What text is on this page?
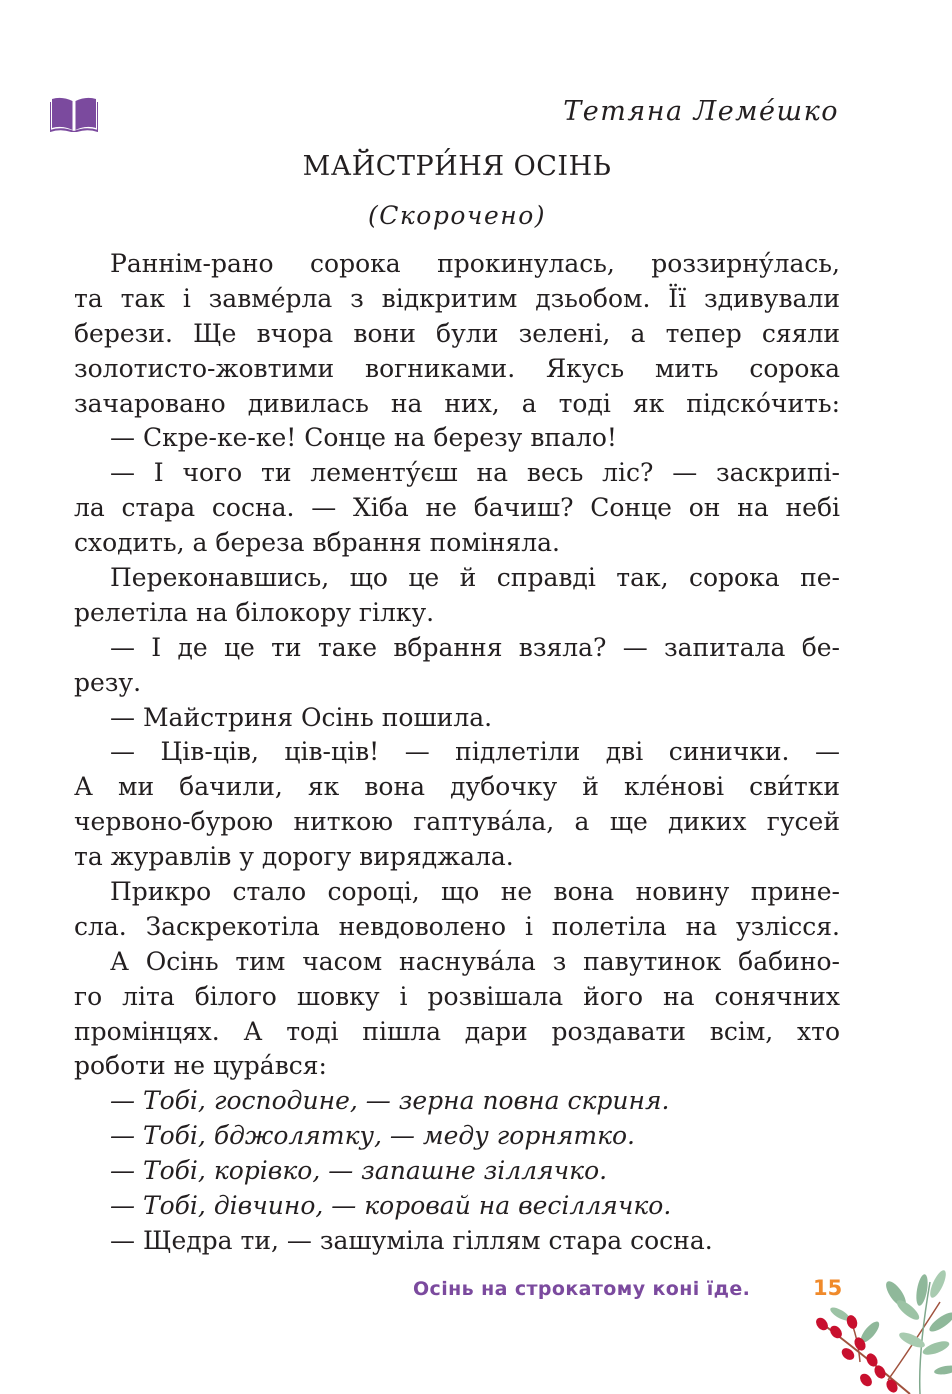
Тетяна Леме́шко
МАЙСТРИ́НЯ ОСІНЬ
(Скорочено)
Раннім-рано сорока прокинулась, роззирну́лась,
та так і завме́рла з відкритим дзьобом. Її здивували
берези. Ще вчора вони були зелені, а тепер сяяли
золотисто-жовтими вогниками. Якусь мить сорока
зачаровано дивилась на них, а тоді як підско́чить:
— Скре-ке-ке! Сонце на березу впало!
— І чого ти лементу́єш на весь ліс? — заскрипі-
ла стара сосна. — Хіба не бачиш? Сонце он на небі
сходить, а береза вбрання поміняла.
Переконавшись, що це й справді так, сорока пе-
релетіла на білокору гілку.
— І де це ти таке вбрання взяла? — запитала бе-
резу.
— Майстриня Осінь пошила.
— Ців-ців, ців-ців! — підлетіли дві синички. —
А ми бачили, як вона дубочку й кле́нові сви́тки
червоно-бурою ниткою гаптува́ла, а ще диких гусей
та журавлів у дорогу виряджала.
Прикро стало сороці, що не вона новину прине-
сла. Заскрекотіла невдоволено і полетіла на узлісся.
А Осінь тим часом наснува́ла з павутинок бабино-
го літа білого шовку і розвішала його на сонячних
промінцях. А тоді пішла дари роздавати всім, хто
роботи не цура́вся:
— Тобі, господине, — зерна повна скриня.
— Тобі, бджолятку, — меду горнятко.
— Тобі, корівко, — запашне зіллячко.
— Тобі, дівчино, — коровай на весіллячко.
— Щедра ти, — зашуміла гіллям стара сосна.
Осінь на строкатому коні їде.	15
